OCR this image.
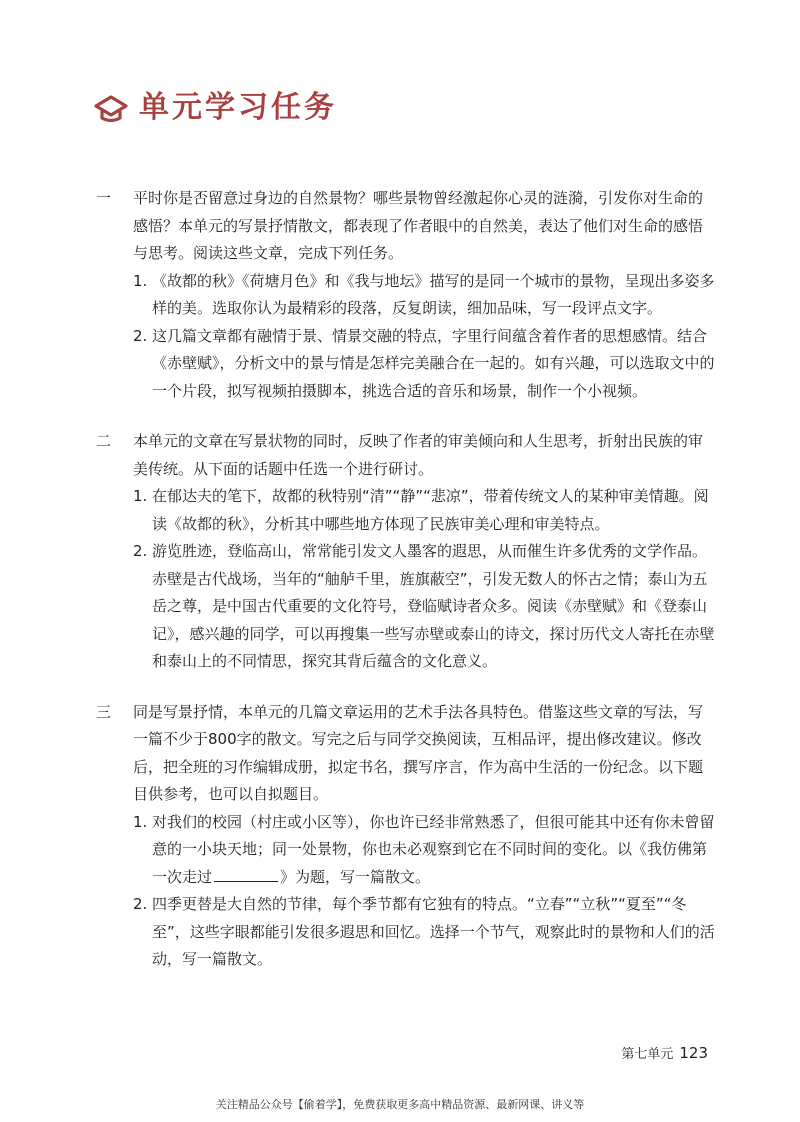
单元学习任务
一	平时你是否留意过身边的自然景物？哪些景物曾经激起你心灵的涟漪，引发你对生命的感悟？本单元的写景抒情散文，都表现了作者眼中的自然美，表达了他们对生命的感悟与思考。阅读这些文章，完成下列任务。
1. 《故都的秋》《荷塘月色》和《我与地坛》描写的是同一个城市的景物，呈现出多姿多样的美。选取你认为最精彩的段落，反复朗读，细加品味，写一段评点文字。
2. 这几篇文章都有融情于景、情景交融的特点，字里行间蕴含着作者的思想感情。结合《赤壁赋》，分析文中的景与情是怎样完美融合在一起的。如有兴趣，可以选取文中的一个片段，拟写视频拍摄脚本，挑选合适的音乐和场景，制作一个小视频。
二	本单元的文章在写景状物的同时，反映了作者的审美倾向和人生思考，折射出民族的审美传统。从下面的话题中任选一个进行研讨。
1. 在郁达夫的笔下，故都的秋特别“清”“静”“悲凉”，带着传统文人的某种审美情趣。阅读《故都的秋》，分析其中哪些地方体现了民族审美心理和审美特点。
2. 游览胜迹，登临高山，常常能引发文人墨客的遐思，从而催生许多优秀的文学作品。赤壁是古代战场，当年的“舳舻千里，旌旗蔽空”，引发无数人的怀古之情；泰山为五岳之尊，是中国古代重要的文化符号，登临赋诗者众多。阅读《赤壁赋》和《登泰山记》，感兴趣的同学，可以再搜集一些写赤壁或泰山的诗文，探讨历代文人寄托在赤壁和泰山上的不同情思，探究其背后蕴含的文化意义。
三	同是写景抒情，本单元的几篇文章运用的艺术手法各具特色。借鉴这些文章的写法，写一篇不少于800字的散文。写完之后与同学交换阅读，互相品评，提出修改建议。修改后，把全班的习作编辑成册，拟定书名，撰写序言，作为高中生活的一份纪念。以下题目供参考，也可以自拟题目。
1. 对我们的校园（村庄或小区等），你也许已经非常熟悉了，但很可能其中还有你未曾留意的一小块天地；同一处景物，你也未必观察到它在不同时间的变化。以《我仿佛第一次走过	》为题，写一篇散文。
2. 四季更替是大自然的节律，每个季节都有它独有的特点。“立春”“立秋”“夏至”“冬至”，这些字眼都能引发很多遐思和回忆。选择一个节气，观察此时的景物和人们的活动，写一篇散文。
第七单元 123
关注精品公众号【偷着学】，免费获取更多高中精品资源、最新网课、讲义等
